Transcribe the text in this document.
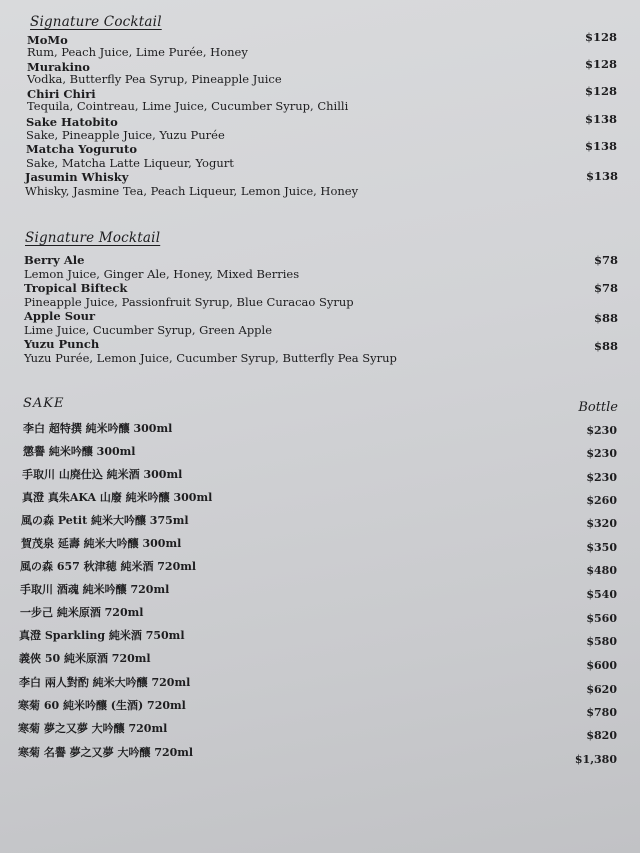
Signature Cocktail
MoMo
Rum, Peach Juice, Lime Purée, Honey
$128
Murakino
Vodka, Butterfly Pea Syrup, Pineapple Juice
$128
Chiri Chiri
Tequila, Cointreau, Lime Juice, Cucumber Syrup, Chilli
$128
Sake Hatobito
Sake, Pineapple Juice, Yuzu Purée
$138
Matcha Yoguruto
Sake, Matcha Latte Liqueur, Yogurt
$138
Jasumin Whisky
Whisky, Jasmine Tea, Peach Liqueur, Lemon Juice, Honey
$138
Signature Mocktail
Berry Ale
Lemon Juice, Ginger Ale, Honey, Mixed Berries
$78
Tropical Bifteck
Pineapple Juice, Passionfruit Syrup, Blue Curacao Syrup
$78
Apple Sour
Lime Juice, Cucumber Syrup, Green Apple
$88
Yuzu Punch
Yuzu Purée, Lemon Juice, Cucumber Syrup, Butterfly Pea Syrup
$88
SAKE	Bottle
李白 超特撰 純米吟釀 300ml	$230
懲譽 純米吟釀 300ml	$230
手取川 山廃仕込 純米酒 300ml	$230
真澄 真朱AKA 山廢 純米吟釀 300ml	$260
風の森 Petit 純米大吟釀 375ml	$320
賀茂泉 延壽 純米大吟釀 300ml	$350
風の森 657 秋津穂 純米酒 720ml	$480
手取川 酒魂 純米吟釀 720ml	$540
一步己 純米原酒 720ml	$560
真澄 Sparkling 純米酒 750ml	$580
義俠 50 純米原酒 720ml
$600
李白 兩人對酌 純米大吟釀 720ml
$620
寒菊 60 純米吟釀 (生酒) 720ml
$780
寒菊 夢之又夢 大吟釀 720ml
$820
寒菊 名譽 夢之又夢 大吟釀 720ml
$1,380
